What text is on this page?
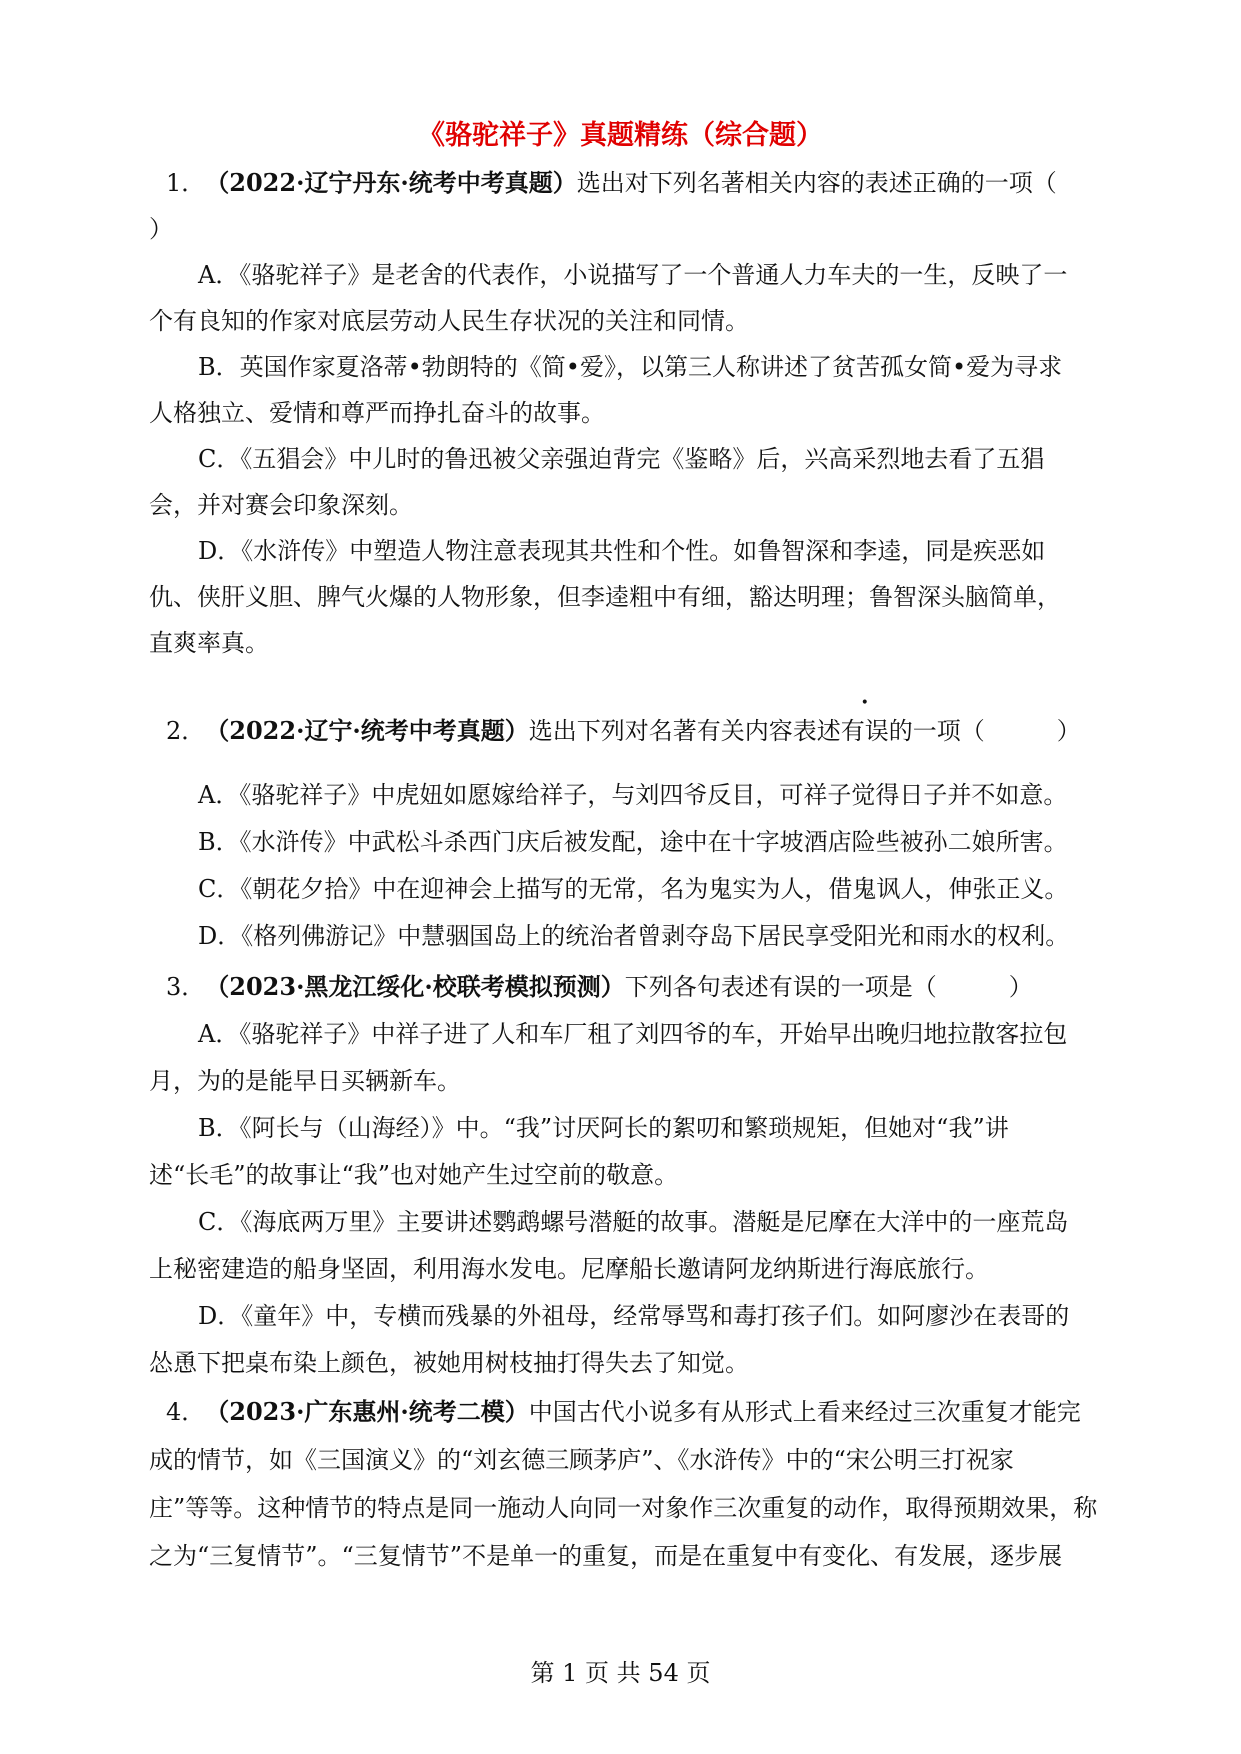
《骆驼祥子》真题精练（综合题）
1．（2022·辽宁丹东·统考中考真题）选出对下列名著相关内容的表述正确的一项（
）
A．《骆驼祥子》是老舍的代表作，小说描写了一个普通人力车夫的一生，反映了一
个有良知的作家对底层劳动人民生存状况的关注和同情。
B．英国作家夏洛蒂•勃朗特的《简•爱》，以第三人称讲述了贫苦孤女简•爱为寻求
人格独立、爱情和尊严而挣扎奋斗的故事。
C．《五猖会》中儿时的鲁迅被父亲强迫背完《鉴略》后，兴高采烈地去看了五猖
会，并对赛会印象深刻。
D．《水浒传》中塑造人物注意表现其共性和个性。如鲁智深和李逵，同是疾恶如
仇、侠肝义胆、脾气火爆的人物形象，但李逵粗中有细，豁达明理；鲁智深头脑简单，
直爽率真。
2．（2022·辽宁·统考中考真题）选出下列对名著有关内容表述有误的一项（　　　）
A．《骆驼祥子》中虎妞如愿嫁给祥子，与刘四爷反目，可祥子觉得日子并不如意。
B．《水浒传》中武松斗杀西门庆后被发配，途中在十字坡酒店险些被孙二娘所害。
C．《朝花夕拾》中在迎神会上描写的无常，名为鬼实为人，借鬼讽人，伸张正义。
D．《格列佛游记》中慧骃国岛上的统治者曾剥夺岛下居民享受阳光和雨水的权利。
3．（2023·黑龙江绥化·校联考模拟预测）下列各句表述有误的一项是（　　　）
A．《骆驼祥子》中祥子进了人和车厂租了刘四爷的车，开始早出晚归地拉散客拉包
月，为的是能早日买辆新车。
B．《阿长与（山海经）》中。“我”讨厌阿长的絮叨和繁琐规矩，但她对“我”讲
述“长毛”的故事让“我”也对她产生过空前的敬意。
C．《海底两万里》主要讲述鹦鹉螺号潜艇的故事。潜艇是尼摩在大洋中的一座荒岛
上秘密建造的船身坚固，利用海水发电。尼摩船长邀请阿龙纳斯进行海底旅行。
D．《童年》中，专横而残暴的外祖母，经常辱骂和毒打孩子们。如阿廖沙在表哥的
怂恿下把桌布染上颜色，被她用树枝抽打得失去了知觉。
4．（2023·广东惠州·统考二模）中国古代小说多有从形式上看来经过三次重复才能完
成的情节，如《三国演义》的“刘玄德三顾茅庐”、《水浒传》中的“宋公明三打祝家
庄”等等。这种情节的特点是同一施动人向同一对象作三次重复的动作，取得预期效果，称
之为“三复情节”。“三复情节”不是单一的重复，而是在重复中有变化、有发展，逐步展
第 1 页 共 54 页
